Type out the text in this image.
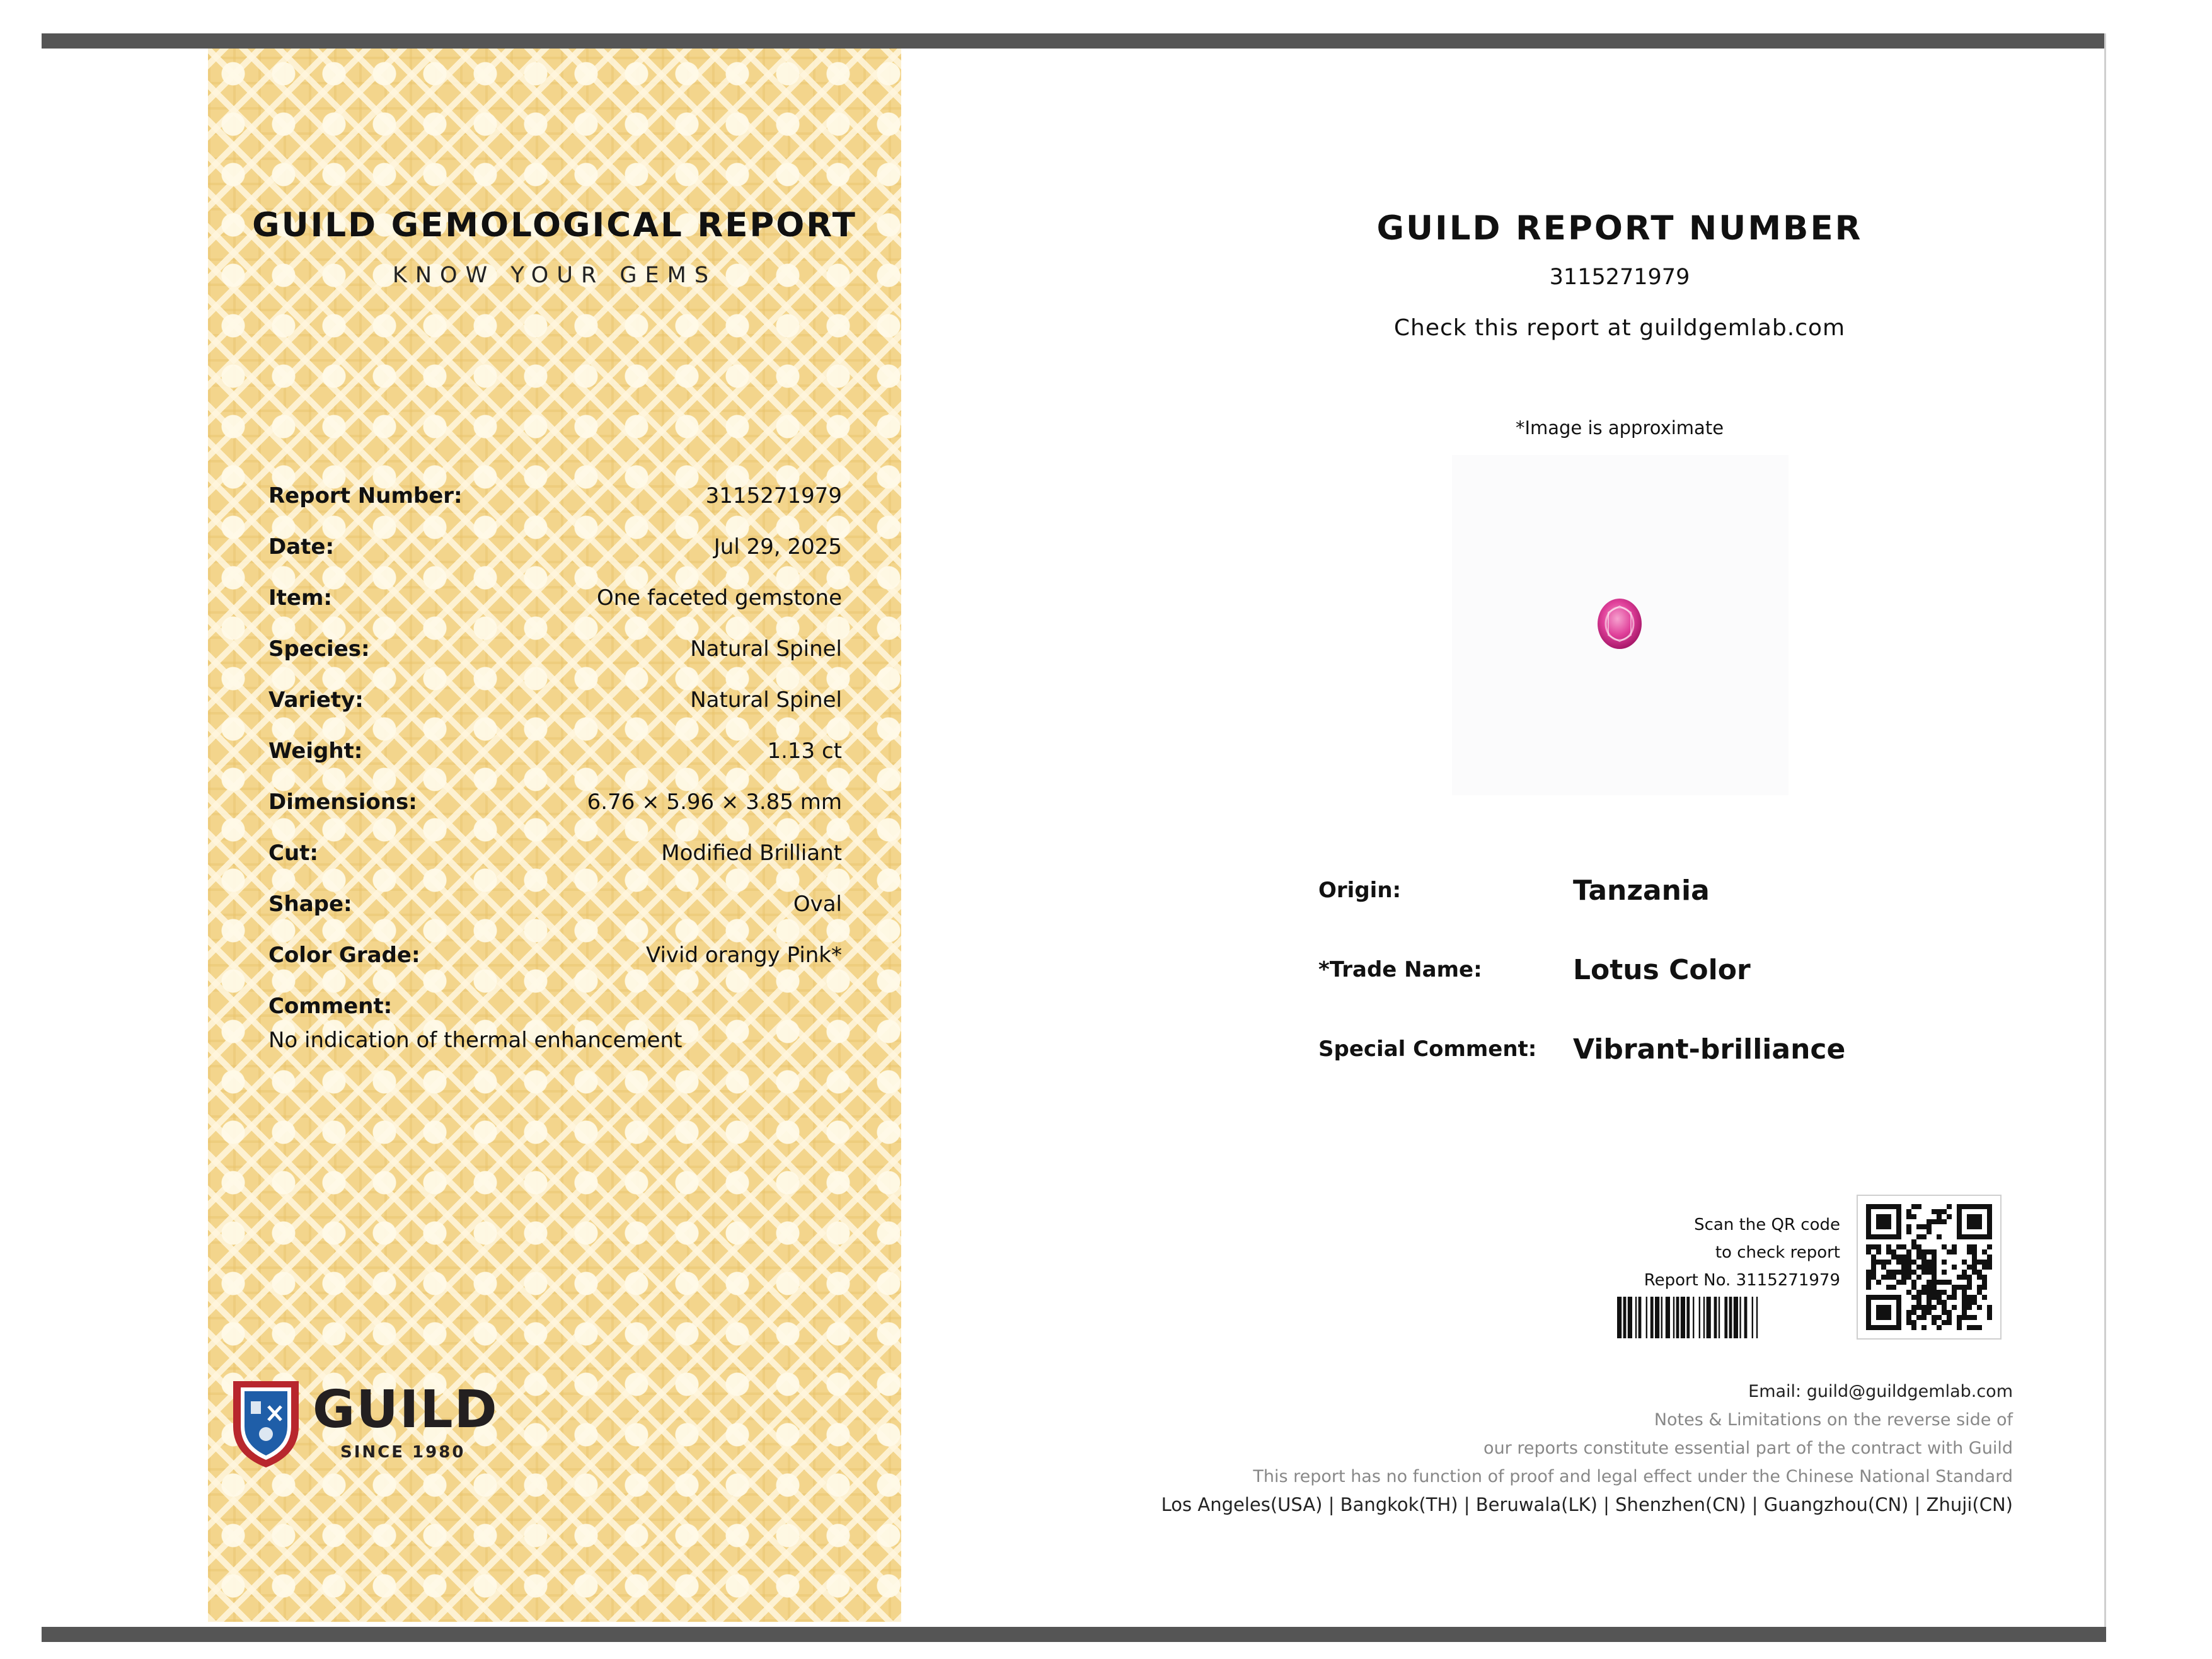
GUILD GEMOLOGICAL REPORT
KNOW YOUR GEMS
Report Number:	3115271979
Date:	Jul 29, 2025
Item:	One faceted gemstone
Species:	Natural Spinel
Variety:	Natural Spinel
Weight:	1.13 ct
Dimensions:	6.76 × 5.96 × 3.85 mm
Cut:	Modified Brilliant
Shape:	Oval
Color Grade:	Vivid orangy Pink*
Comment:
No indication of thermal enhancement
GUILD
SINCE 1980
GUILD REPORT NUMBER
3115271979
Check this report at guildgemlab.com
*Image is approximate
Origin:	Tanzania
*Trade Name:	Lotus Color
Special Comment:	Vibrant-brilliance
Scan the QR code
to check report
Report No. 3115271979
Email: guild@guildgemlab.com
Notes & Limitations on the reverse side of
our reports constitute essential part of the contract with Guild
This report has no function of proof and legal effect under the Chinese National Standard
Los Angeles(USA) | Bangkok(TH) | Beruwala(LK) | Shenzhen(CN) | Guangzhou(CN) | Zhuji(CN)
